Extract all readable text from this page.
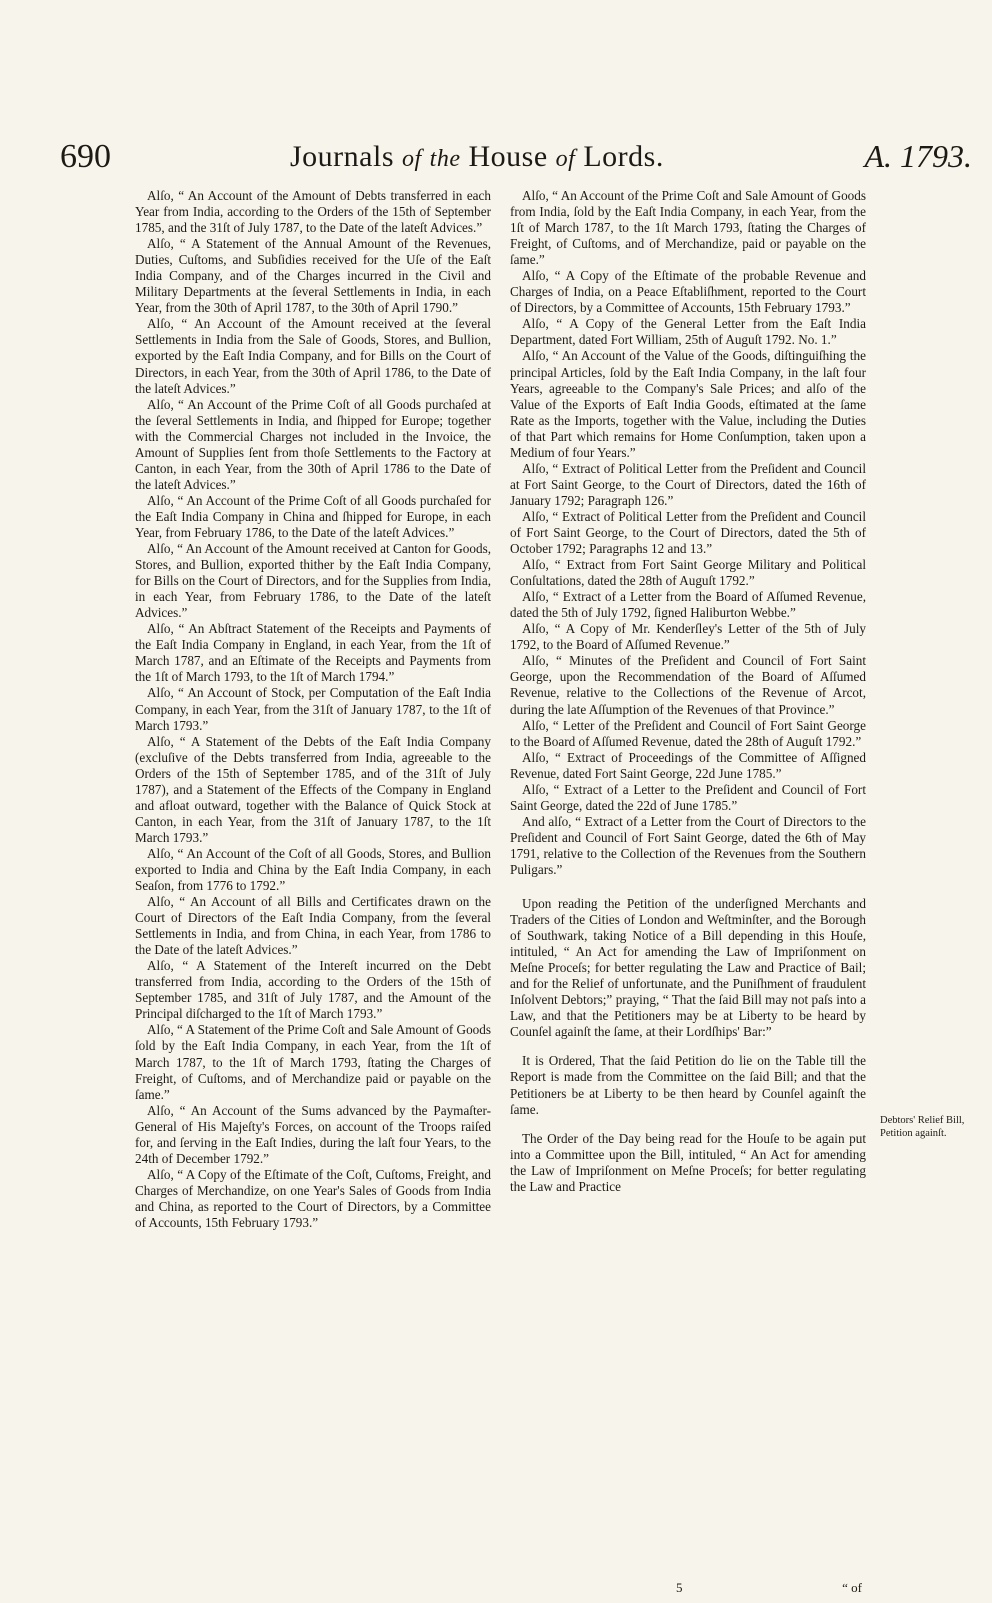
690	Journals of the House of Lords.	A. 1793.

Alſo, “ An Account of the Amount of Debts transferred in each Year from India, according to the Orders of the 15th of September 1785, and the 31ſt of July 1787, to the Date of the lateſt Advices.”

Alſo, “ A Statement of the Annual Amount of the Revenues, Duties, Cuſtoms, and Subſidies received for the Uſe of the Eaſt India Company, and of the Charges incurred in the Civil and Military Departments at the ſeveral Settlements in India, in each Year, from the 30th of April 1787, to the 30th of April 1790.”

Alſo, “ An Account of the Amount received at the ſeveral Settlements in India from the Sale of Goods, Stores, and Bullion, exported by the Eaſt India Company, and for Bills on the Court of Directors, in each Year, from the 30th of April 1786, to the Date of the lateſt Advices.”

Alſo, “ An Account of the Prime Coſt of all Goods purchaſed at the ſeveral Settlements in India, and ſhipped for Europe; together with the Commercial Charges not included in the Invoice, the Amount of Supplies ſent from thoſe Settlements to the Factory at Canton, in each Year, from the 30th of April 1786 to the Date of the lateſt Advices.”

Alſo, “ An Account of the Prime Coſt of all Goods purchaſed for the Eaſt India Company in China and ſhipped for Europe, in each Year, from February 1786, to the Date of the lateſt Advices.”

Alſo, “ An Account of the Amount received at Canton for Goods, Stores, and Bullion, exported thither by the Eaſt India Company, for Bills on the Court of Directors, and for the Supplies from India, in each Year, from February 1786, to the Date of the lateſt Advices.”

Alſo, “ An Abſtract Statement of the Receipts and Payments of the Eaſt India Company in England, in each Year, from the 1ſt of March 1787, and an Eſtimate of the Receipts and Payments from the 1ſt of March 1793, to the 1ſt of March 1794.”

Alſo, “ An Account of Stock, per Computation of the Eaſt India Company, in each Year, from the 31ſt of January 1787, to the 1ſt of March 1793.”

Alſo, “ A Statement of the Debts of the Eaſt India Company (excluſive of the Debts transferred from India, agreeable to the Orders of the 15th of September 1785, and of the 31ſt of July 1787), and a Statement of the Effects of the Company in England and afloat outward, together with the Balance of Quick Stock at Canton, in each Year, from the 31ſt of January 1787, to the 1ſt March 1793.”

Alſo, “ An Account of the Coſt of all Goods, Stores, and Bullion exported to India and China by the Eaſt India Company, in each Seaſon, from 1776 to 1792.”

Alſo, “ An Account of all Bills and Certificates drawn on the Court of Directors of the Eaſt India Company, from the ſeveral Settlements in India, and from China, in each Year, from 1786 to the Date of the lateſt Advices.”

Alſo, “ A Statement of the Intereſt incurred on the Debt transferred from India, according to the Orders of the 15th of September 1785, and 31ſt of July 1787, and the Amount of the Principal diſcharged to the 1ſt of March 1793.”

Alſo, “ A Statement of the Prime Coſt and Sale Amount of Goods ſold by the Eaſt India Company, in each Year, from the 1ſt of March 1787, to the 1ſt of March 1793, ſtating the Charges of Freight, of Cuſtoms, and of Merchandize paid or payable on the ſame.”

Alſo, “ An Account of the Sums advanced by the Paymaſter-General of His Majeſty's Forces, on account of the Troops raiſed for, and ſerving in the Eaſt Indies, during the laſt four Years, to the 24th of December 1792.”

Alſo, “ A Copy of the Eſtimate of the Coſt, Cuſtoms, Freight, and Charges of Merchandize, on one Year's Sales of Goods from India and China, as reported to the Court of Directors, by a Committee of Accounts, 15th February 1793.”

Alſo, “ An Account of the Prime Coſt and Sale Amount of Goods from India, ſold by the Eaſt India Company, in each Year, from the 1ſt of March 1787, to the 1ſt March 1793, ſtating the Charges of Freight, of Cuſtoms, and of Merchandize, paid or payable on the ſame.”

Alſo, “ A Copy of the Eſtimate of the probable Revenue and Charges of India, on a Peace Eſtabliſhment, reported to the Court of Directors, by a Committee of Accounts, 15th February 1793.”

Alſo, “ A Copy of the General Letter from the Eaſt India Department, dated Fort William, 25th of Auguſt 1792. No. 1.”

Alſo, “ An Account of the Value of the Goods, diſtinguiſhing the principal Articles, ſold by the Eaſt India Company, in the laſt four Years, agreeable to the Company's Sale Prices; and alſo of the Value of the Exports of Eaſt India Goods, eſtimated at the ſame Rate as the Imports, together with the Value, including the Duties of that Part which remains for Home Conſumption, taken upon a Medium of four Years.”

Alſo, “ Extract of Political Letter from the Preſident and Council at Fort Saint George, to the Court of Directors, dated the 16th of January 1792; Paragraph 126.”

Alſo, “ Extract of Political Letter from the Preſident and Council of Fort Saint George, to the Court of Directors, dated the 5th of October 1792; Paragraphs 12 and 13.”

Alſo, “ Extract from Fort Saint George Military and Political Conſultations, dated the 28th of Auguſt 1792.”

Alſo, “ Extract of a Letter from the Board of Aſſumed Revenue, dated the 5th of July 1792, ſigned Haliburton Webbe.”

Alſo, “ A Copy of Mr. Kenderſley's Letter of the 5th of July 1792, to the Board of Aſſumed Revenue.”

Alſo, “ Minutes of the Preſident and Council of Fort Saint George, upon the Recommendation of the Board of Aſſumed Revenue, relative to the Collections of the Revenue of Arcot, during the late Aſſumption of the Revenues of that Province.”

Alſo, “ Letter of the Preſident and Council of Fort Saint George to the Board of Aſſumed Revenue, dated the 28th of Auguſt 1792.”

Alſo, “ Extract of Proceedings of the Committee of Aſſigned Revenue, dated Fort Saint George, 22d June 1785.”

Alſo, “ Extract of a Letter to the Preſident and Council of Fort Saint George, dated the 22d of June 1785.”

And alſo, “ Extract of a Letter from the Court of Directors to the Preſident and Council of Fort Saint George, dated the 6th of May 1791, relative to the Collection of the Revenues from the Southern Puligars.”

Upon reading the Petition of the underſigned Merchants and Traders of the Cities of London and Weſtminſter, and the Borough of Southwark, taking Notice of a Bill depending in this Houſe, intituled, “ An Act for amending the Law of Impriſonment on Meſne Proceſs; for better regulating the Law and Practice of Bail; and for the Relief of unfortunate, and the Puniſhment of fraudulent Inſolvent Debtors;” praying, “ That the ſaid Bill may not paſs into a Law, and that the Petitioners may be at Liberty to be heard by Counſel againſt the ſame, at their Lordſhips' Bar:”

It is Ordered, That the ſaid Petition do lie on the Table till the Report is made from the Committee on the ſaid Bill; and that the Petitioners be at Liberty to be then heard by Counſel againſt the ſame.

The Order of the Day being read for the Houſe to be again put into a Committee upon the Bill, intituled, “ An Act for amending the Law of Impriſonment on Meſne Proceſs; for better regulating the Law and Practice

Debtors' Relief Bill, Petition againſt.
5	“ of
